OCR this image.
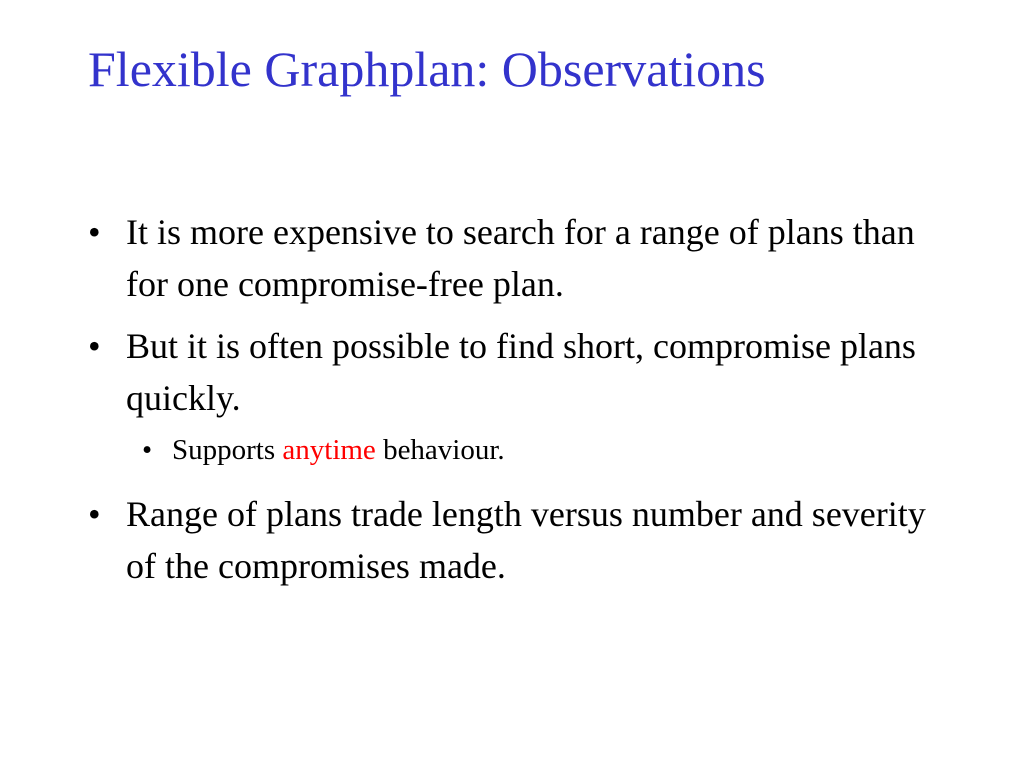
Flexible Graphplan: Observations
• It is more expensive to search for a range of plans than for one compromise-free plan.
• But it is often possible to find short, compromise plans quickly.
• Supports anytime behaviour.
• Range of plans trade length versus number and severity of the compromises made.
